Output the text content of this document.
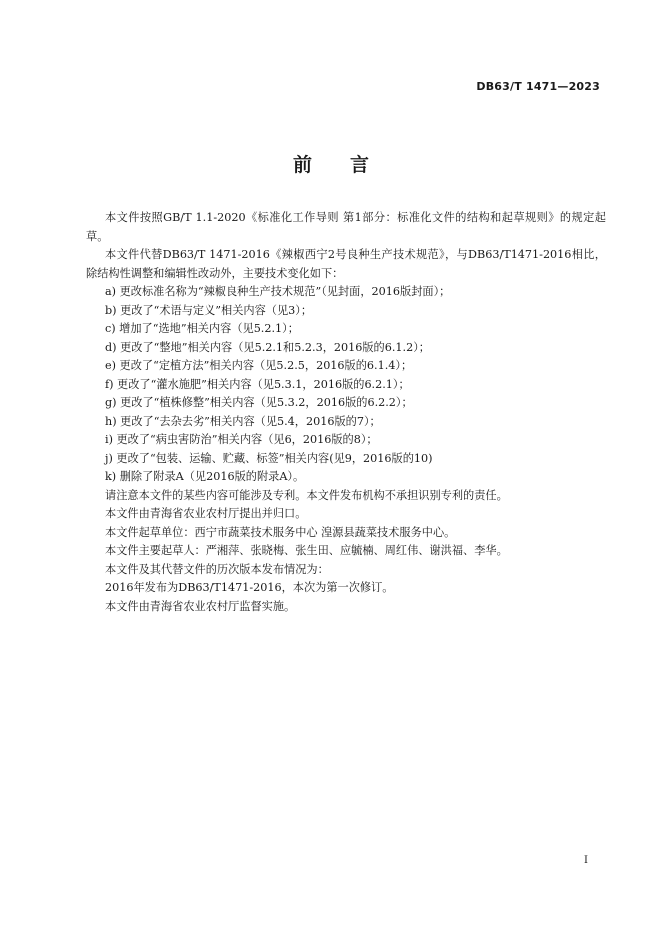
DB63/T 1471—2023
前 言

本文件按照GB/T 1.1-2020《标准化工作导则 第1部分：标准化文件的结构和起草规则》的规定起草。

本文件代替DB63/T 1471-2016《辣椒西宁2号良种生产技术规范》，与DB63/T1471-2016相比，除结构性调整和编辑性改动外，主要技术变化如下：

a) 更改标准名称为“辣椒良种生产技术规范”（见封面，2016版封面）；

b) 更改了“术语与定义”相关内容（见3）；

c) 增加了“选地”相关内容（见5.2.1）；

d) 更改了“整地”相关内容（见5.2.1和5.2.3，2016版的6.1.2）；

e) 更改了“定植方法”相关内容（见5.2.5，2016版的6.1.4）；

f) 更改了“灌水施肥”相关内容（见5.3.1，2016版的6.2.1）；

g) 更改了“植株修整”相关内容（见5.3.2，2016版的6.2.2）；

h) 更改了“去杂去劣”相关内容（见5.4，2016版的7）；

i) 更改了“病虫害防治”相关内容（见6，2016版的8）；

j) 更改了“包装、运输、贮藏、标签”相关内容(见9，2016版的10)

k) 删除了附录A（见2016版的附录A）。

请注意本文件的某些内容可能涉及专利。本文件发布机构不承担识别专利的责任。

本文件由青海省农业农村厅提出并归口。

本文件起草单位：西宁市蔬菜技术服务中心 湟源县蔬菜技术服务中心。

本文件主要起草人：严湘萍、张晓梅、张生田、应毓楠、周红伟、谢洪福、李华。

本文件及其代替文件的历次版本发布情况为：

2016年发布为DB63/T1471-2016，本次为第一次修订。

本文件由青海省农业农村厅监督实施。

I
